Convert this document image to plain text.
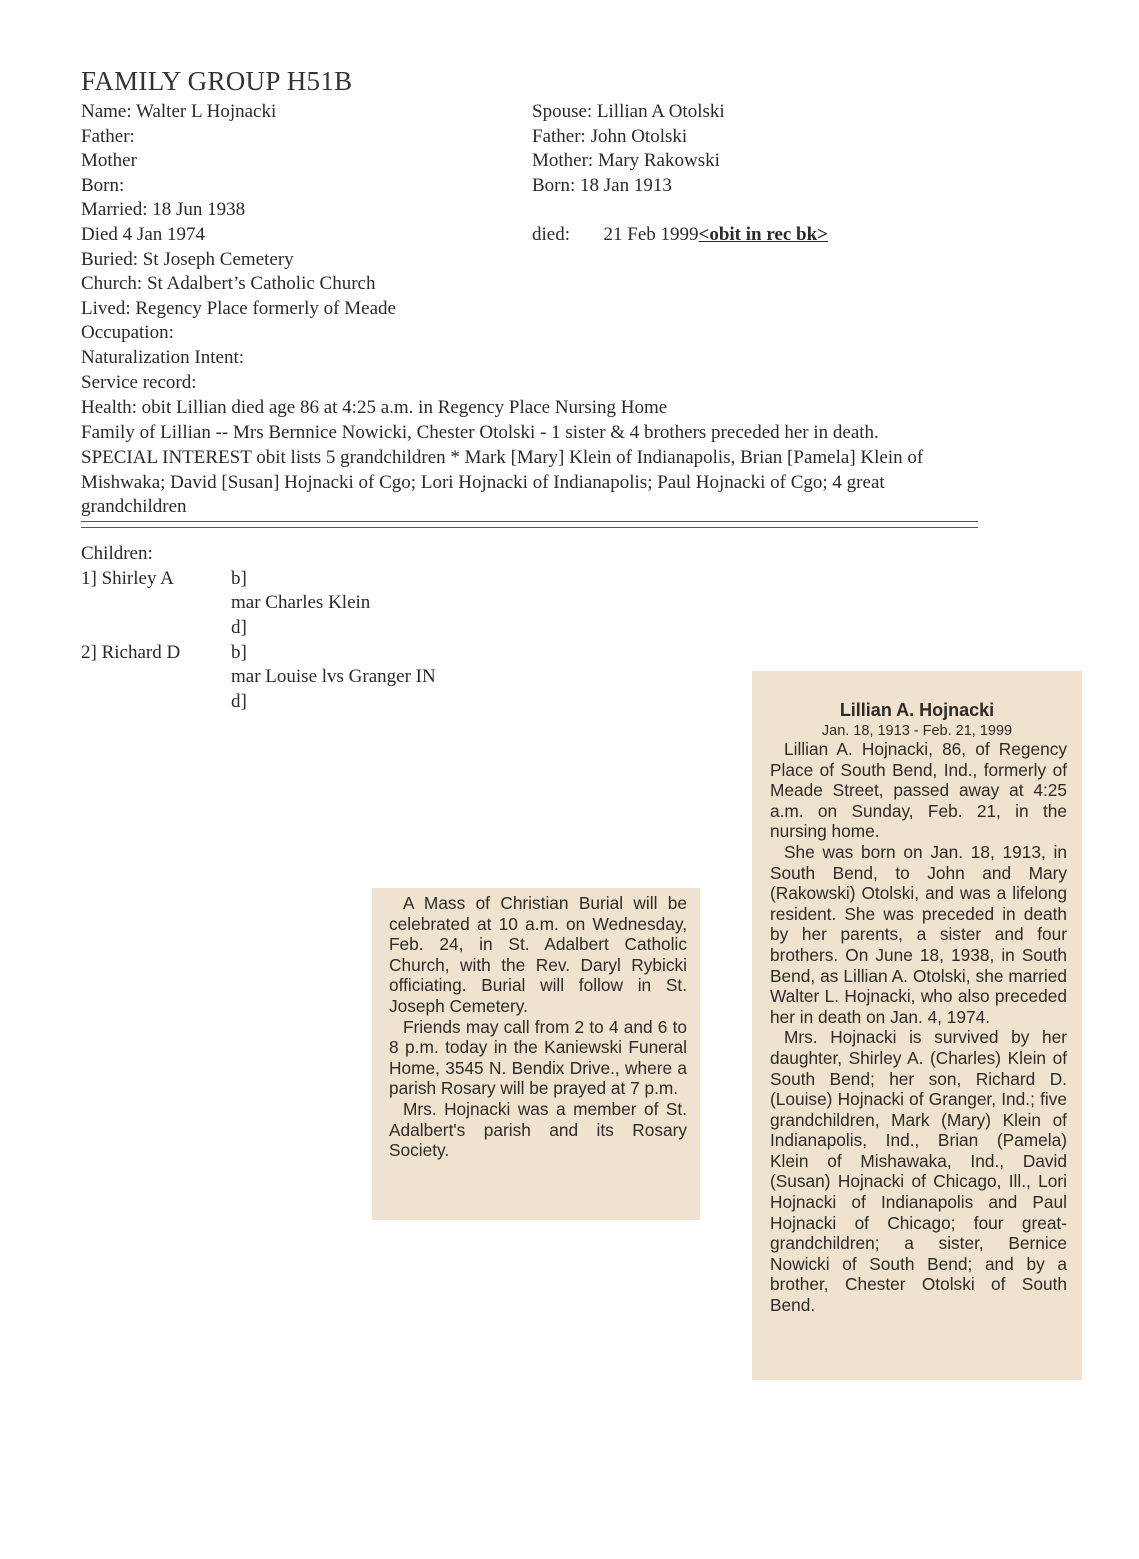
FAMILY GROUP H51B
Name: Walter L Hojnacki
Father:
Mother
Born:
Married: 18 Jun 1938
Died 4 Jan 1974
Buried: St Joseph Cemetery
Church: St Adalbert’s Catholic Church
Lived: Regency Place formerly of Meade
Occupation:
Naturalization Intent:
Service record:
Spouse: Lillian A Otolski
Father: John Otolski
Mother: Mary Rakowski
Born: 18 Jan 1913
died: 21 Feb 1999<obit in rec bk>
Health: obit Lillian died age 86 at 4:25 a.m. in Regency Place Nursing Home
Family of Lillian -- Mrs Bernnice Nowicki, Chester Otolski - 1 sister & 4 brothers preceded her in death.
SPECIAL INTEREST obit lists 5 grandchildren * Mark [Mary] Klein of Indianapolis, Brian [Pamela] Klein of Mishwaka; David [Susan] Hojnacki of Cgo; Lori Hojnacki of Indianapolis; Paul Hojnacki of Cgo; 4 great grandchildren
Children:
1] Shirley A	b]
mar Charles Klein
d]
2] Richard D	b]
mar Louise lvs Granger IN
d]

A Mass of Christian Burial will be celebrated at 10 a.m. on Wednesday, Feb. 24, in St. Adalbert Catholic Church, with the Rev. Daryl Rybicki officiating. Burial will follow in St. Joseph Cemetery.

Friends may call from 2 to 4 and 6 to 8 p.m. today in the Kaniewski Funeral Home, 3545 N. Bendix Drive., where a parish Rosary will be prayed at 7 p.m.

Mrs. Hojnacki was a member of St. Adalbert's parish and its Rosary Society.

Lillian A. Hojnacki
Jan. 18, 1913 - Feb. 21, 1999

Lillian A. Hojnacki, 86, of Regency Place of South Bend, Ind., formerly of Meade Street, passed away at 4:25 a.m. on Sunday, Feb. 21, in the nursing home.

She was born on Jan. 18, 1913, in South Bend, to John and Mary (Rakowski) Otolski, and was a lifelong resident. She was preceded in death by her parents, a sister and four brothers. On June 18, 1938, in South Bend, as Lillian A. Otolski, she married Walter L. Hojnacki, who also preceded her in death on Jan. 4, 1974.

Mrs. Hojnacki is survived by her daughter, Shirley A. (Charles) Klein of South Bend; her son, Richard D. (Louise) Hojnacki of Granger, Ind.; five grandchildren, Mark (Mary) Klein of Indianapolis, Ind., Brian (Pamela) Klein of Mishawaka, Ind., David (Susan) Hojnacki of Chicago, Ill., Lori Hojnacki of Indianapolis and Paul Hojnacki of Chicago; four great-grandchildren; a sister, Bernice Nowicki of South Bend; and by a brother, Chester Otolski of South Bend.
